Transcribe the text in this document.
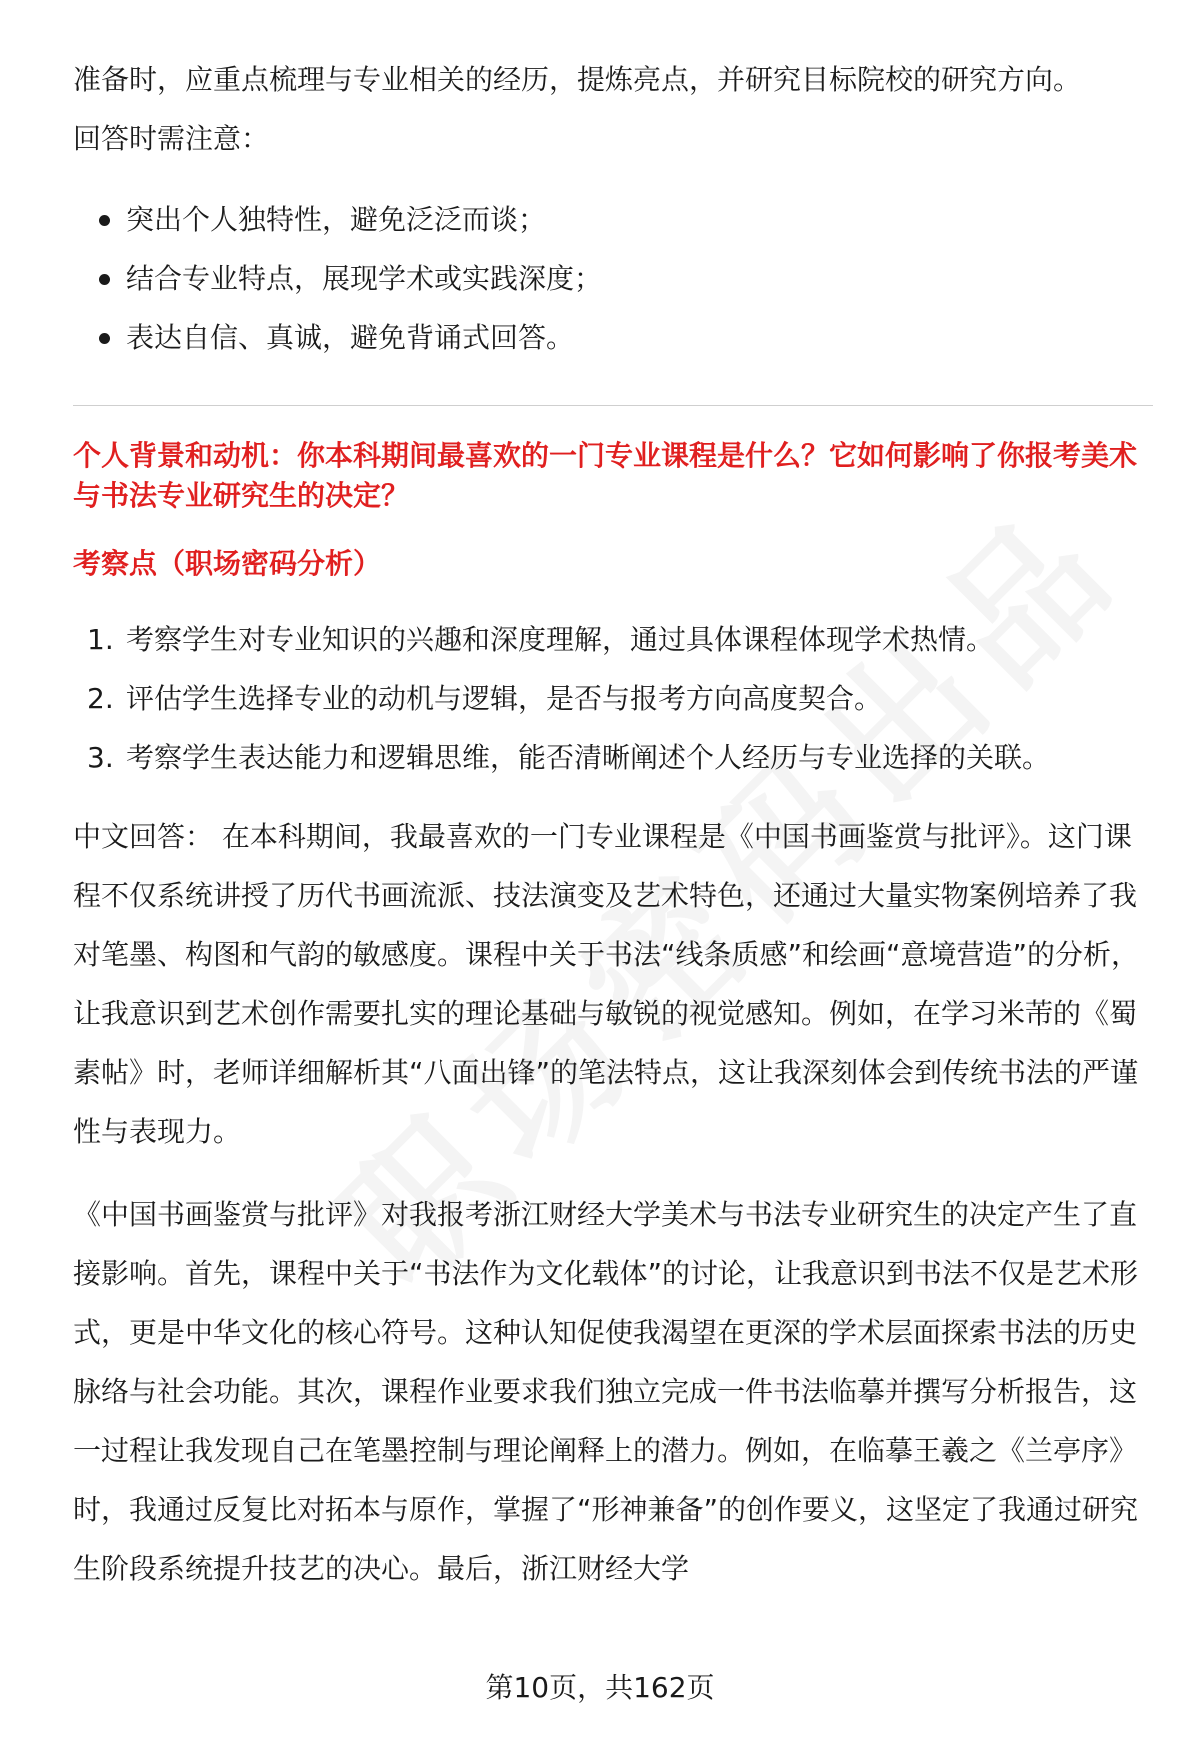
准备时，应重点梳理与专业相关的经历，提炼亮点，并研究目标院校的研究方向。

回答时需注意：

突出个人独特性，避免泛泛而谈；
结合专业特点，展现学术或实践深度；
表达自信、真诚，避免背诵式回答。
个人背景和动机：你本科期间最喜欢的一门专业课程是什么？它如何影响了你报考美术与书法专业研究生的决定？
考察点（职场密码分析）
1. 考察学生对专业知识的兴趣和深度理解，通过具体课程体现学术热情。
2. 评估学生选择专业的动机与逻辑，是否与报考方向高度契合。
3. 考察学生表达能力和逻辑思维，能否清晰阐述个人经历与专业选择的关联。

中文回答： 在本科期间，我最喜欢的一门专业课程是《中国书画鉴赏与批评》。这门课程不仅系统讲授了历代书画流派、技法演变及艺术特色，还通过大量实物案例培养了我对笔墨、构图和气韵的敏感度。课程中关于书法“线条质感”和绘画“意境营造”的分析，让我意识到艺术创作需要扎实的理论基础与敏锐的视觉感知。例如，在学习米芾的《蜀素帖》时，老师详细解析其“八面出锋”的笔法特点，这让我深刻体会到传统书法的严谨性与表现力。

《中国书画鉴赏与批评》对我报考浙江财经大学美术与书法专业研究生的决定产生了直接影响。首先，课程中关于“书法作为文化载体”的讨论，让我意识到书法不仅是艺术形式，更是中华文化的核心符号。这种认知促使我渴望在更深的学术层面探索书法的历史脉络与社会功能。其次，课程作业要求我们独立完成一件书法临摹并撰写分析报告，这一过程让我发现自己在笔墨控制与理论阐释上的潜力。例如，在临摹王羲之《兰亭序》时，我通过反复比对拓本与原作，掌握了“形神兼备”的创作要义，这坚定了我通过研究生阶段系统提升技艺的决心。最后，浙江财经大学

第10页，共162页
